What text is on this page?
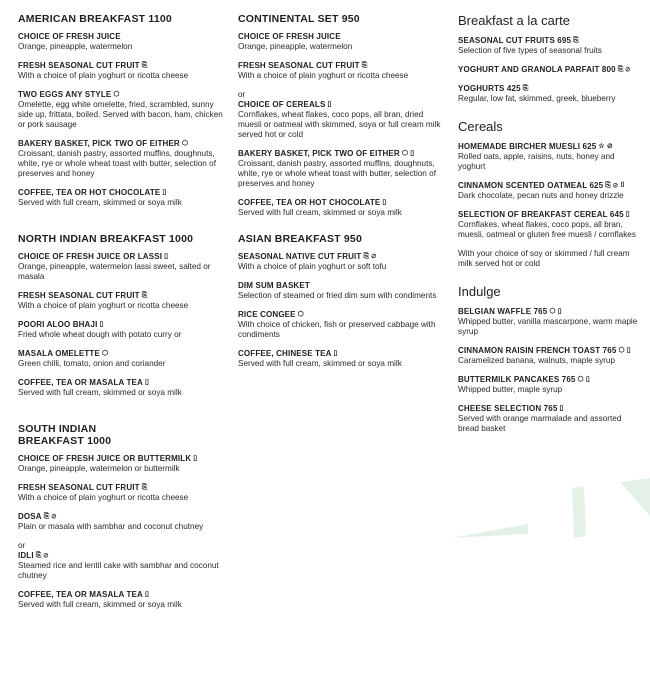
AMERICAN BREAKFAST 1100
CHOICE OF FRESH JUICE
Orange, pineapple, watermelon
FRESH SEASONAL CUT FRUIT ⎘
With a choice of plain yoghurt or ricotta cheese
TWO EGGS ANY STYLE ⬡
Omelette, egg white omelette, fried, scrambled, sunny side up, frittata, boiled. Served with bacon, ham, chicken or pork sausage
BAKERY BASKET, PICK TWO OF EITHER ⬡
Croissant, danish pastry, assorted muffins, doughnuts, white, rye or whole wheat toast with butter, selection of preserves and honey
COFFEE, TEA OR HOT CHOCOLATE ▯
Served with full cream, skimmed or soya milk
NORTH INDIAN BREAKFAST 1000
CHOICE OF FRESH JUICE OR LASSI ▯
Orange, pineapple, watermelon lassi sweet, salted or masala
FRESH SEASONAL CUT FRUIT ⎘
With a choice of plain yoghurt or ricotta cheese
POORI ALOO BHAJI ▯
Fried whole wheat dough with potato curry or
MASALA OMELETTE ⬡
Green chilli, tomato, onion and coriander
COFFEE, TEA OR MASALA TEA ▯
Served with full cream, skimmed or soya milk
SOUTH INDIAN
BREAKFAST 1000
CHOICE OF FRESH JUICE OR BUTTERMILK ▯
Orange, pineapple, watermelon or buttermilk
FRESH SEASONAL CUT FRUIT ⎘
With a choice of plain yoghurt or ricotta cheese
DOSA ⎘ ⊘
Plain or masala with sambhar and coconut chutney
or
IDLI ⎘ ⊘
Steamed rice and lentil cake with sambhar and coconut chutney
COFFEE, TEA OR MASALA TEA ▯
Served with full cream, skimmed or soya milk
CONTINENTAL SET 950
CHOICE OF FRESH JUICE
Orange, pineapple, watermelon
FRESH SEASONAL CUT FRUIT ⎘
With a choice of plain yoghurt or ricotta cheese
or
CHOICE OF CEREALS ▯
Cornflakes, wheat flakes, coco pops, all bran, dried muesli or oatmeal with skimmed, soya or full cream milk served hot or cold
BAKERY BASKET, PICK TWO OF EITHER ⬡ ▯
Croissant, danish pastry, assorted muffins, doughnuts, white, rye or whole wheat toast with butter, selection of preserves and honey
COFFEE, TEA OR HOT CHOCOLATE ▯
Served with full cream, skimmed or soya milk
ASIAN BREAKFAST 950
SEASONAL NATIVE CUT FRUIT ⎘ ∅
With a choice of plain yoghurt or soft tofu
DIM SUM BASKET
Selection of steamed or fried dim sum with condiments
RICE CONGEE ⬡
With choice of chicken, fish or preserved cabbage with condiments
COFFEE, CHINESE TEA ▯
Served with full cream, skimmed or soya milk
Breakfast a la carte
SEASONAL CUT FRUITS 695 ⎘
Selection of five types of seasonal fruits
YOGHURT AND GRANOLA PARFAIT 800 ⎘ ⊘
YOGHURTS 425 ⎘
Regular, low fat, skimmed, greek, blueberry
Cereals
HOMEMADE BIRCHER MUESLI 625 ☆ ⊘
Rolled oats, apple, raisins, nuts, honey and yoghurt
CINNAMON SCENTED OATMEAL 625 ⎘ ⊘ ▯
Dark chocolate, pecan nuts and honey drizzle
SELECTION OF BREAKFAST CEREAL 645 ▯
Cornflakes, wheat flakes, coco pops, all bran, muesli, oatmeal or gluten free muesli / cornflakes
With your choice of soy or skimmed / full cream milk served hot or cold
Indulge
BELGIAN WAFFLE 765 ⬡ ▯
Whipped butter, vanilla mascarpone, warm maple syrup
CINNAMON RAISIN FRENCH TOAST 765 ⬡ ▯
Caramelized banana, walnuts, maple syrup
BUTTERMILK PANCAKES 765 ⬡ ▯
Whipped butter, maple syrup
CHEESE SELECTION 765 ▯
Served with orange marmalade and assorted bread basket
